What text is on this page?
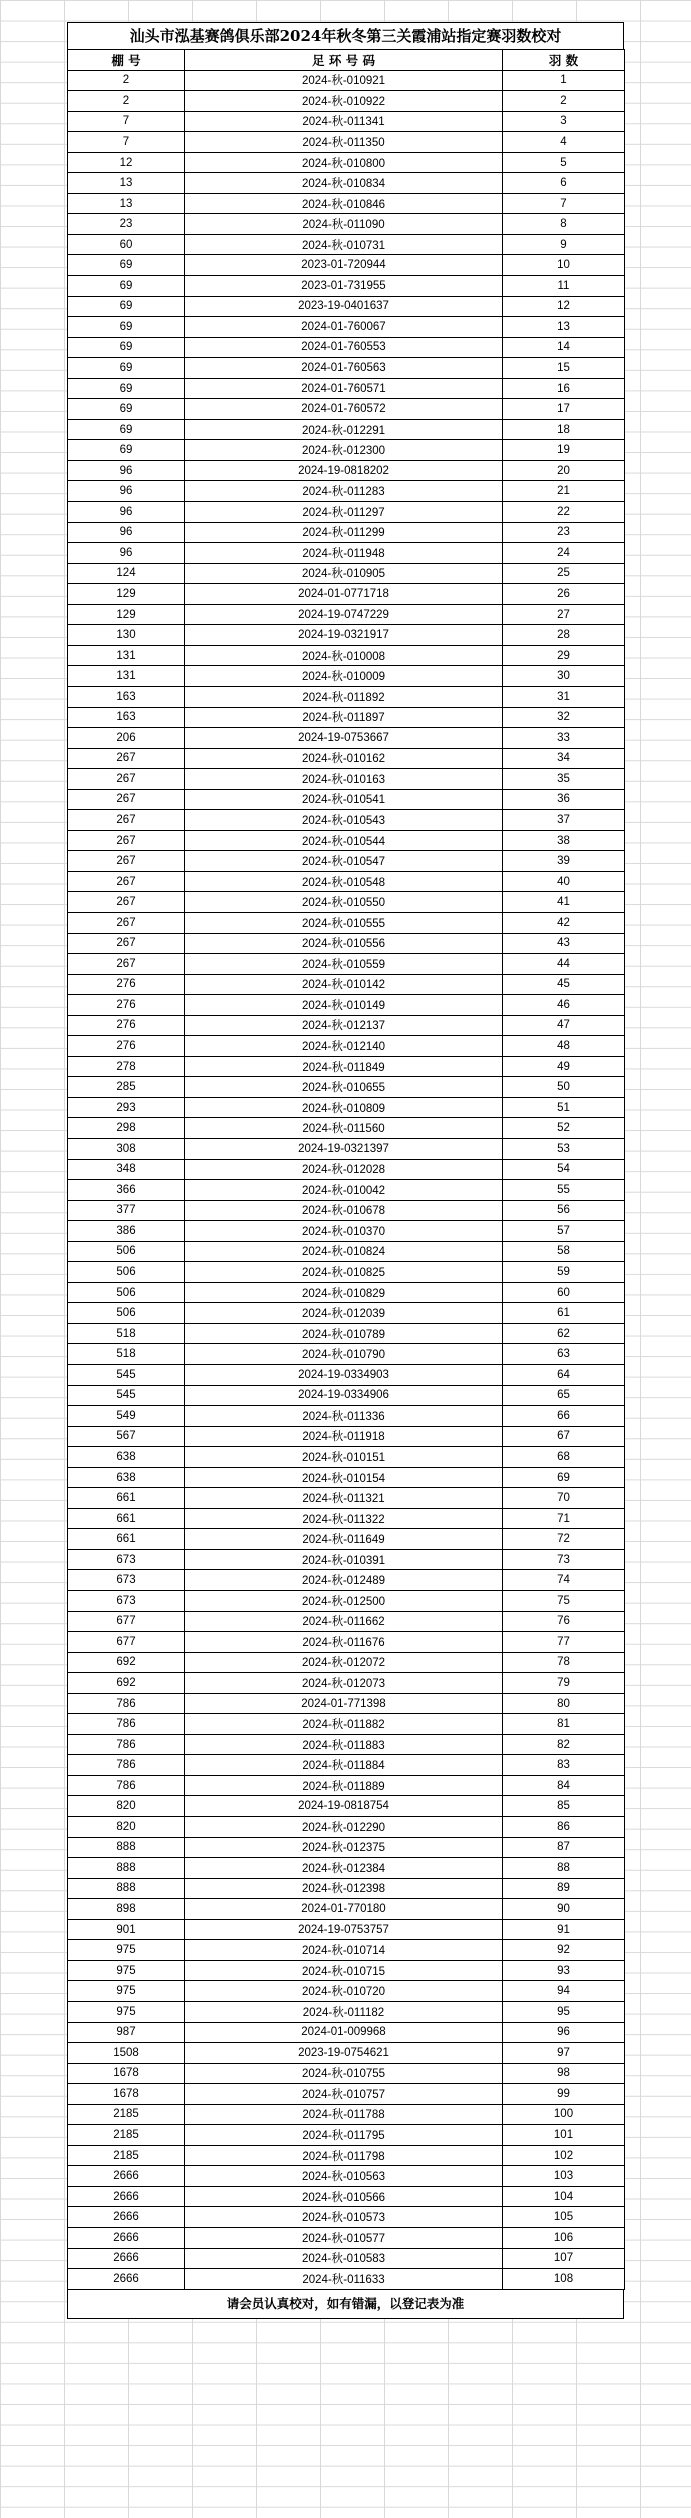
汕头市泓基赛鸽俱乐部2024年秋冬第三关霞浦站指定赛羽数校对
棚 号	足 环 号 码	羽 数
2	2024-秋-010921	1
2	2024-秋-010922	2
7	2024-秋-011341	3
7	2024-秋-011350	4
12	2024-秋-010800	5
13	2024-秋-010834	6
13	2024-秋-010846	7
23	2024-秋-011090	8
60	2024-秋-010731	9
69	2023-01-720944	10
69	2023-01-731955	11
69	2023-19-0401637	12
69	2024-01-760067	13
69	2024-01-760553	14
69	2024-01-760563	15
69	2024-01-760571	16
69	2024-01-760572	17
69	2024-秋-012291	18
69	2024-秋-012300	19
96	2024-19-0818202	20
96	2024-秋-011283	21
96	2024-秋-011297	22
96	2024-秋-011299	23
96	2024-秋-011948	24
124	2024-秋-010905	25
129	2024-01-0771718	26
129	2024-19-0747229	27
130	2024-19-0321917	28
131	2024-秋-010008	29
131	2024-秋-010009	30
163	2024-秋-011892	31
163	2024-秋-011897	32
206	2024-19-0753667	33
267	2024-秋-010162	34
267	2024-秋-010163	35
267	2024-秋-010541	36
267	2024-秋-010543	37
267	2024-秋-010544	38
267	2024-秋-010547	39
267	2024-秋-010548	40
267	2024-秋-010550	41
267	2024-秋-010555	42
267	2024-秋-010556	43
267	2024-秋-010559	44
276	2024-秋-010142	45
276	2024-秋-010149	46
276	2024-秋-012137	47
276	2024-秋-012140	48
278	2024-秋-011849	49
285	2024-秋-010655	50
293	2024-秋-010809	51
298	2024-秋-011560	52
308	2024-19-0321397	53
348	2024-秋-012028	54
366	2024-秋-010042	55
377	2024-秋-010678	56
386	2024-秋-010370	57
506	2024-秋-010824	58
506	2024-秋-010825	59
506	2024-秋-010829	60
506	2024-秋-012039	61
518	2024-秋-010789	62
518	2024-秋-010790	63
545	2024-19-0334903	64
545	2024-19-0334906	65
549	2024-秋-011336	66
567	2024-秋-011918	67
638	2024-秋-010151	68
638	2024-秋-010154	69
661	2024-秋-011321	70
661	2024-秋-011322	71
661	2024-秋-011649	72
673	2024-秋-010391	73
673	2024-秋-012489	74
673	2024-秋-012500	75
677	2024-秋-011662	76
677	2024-秋-011676	77
692	2024-秋-012072	78
692	2024-秋-012073	79
786	2024-01-771398	80
786	2024-秋-011882	81
786	2024-秋-011883	82
786	2024-秋-011884	83
786	2024-秋-011889	84
820	2024-19-0818754	85
820	2024-秋-012290	86
888	2024-秋-012375	87
888	2024-秋-012384	88
888	2024-秋-012398	89
898	2024-01-770180	90
901	2024-19-0753757	91
975	2024-秋-010714	92
975	2024-秋-010715	93
975	2024-秋-010720	94
975	2024-秋-011182	95
987	2024-01-009968	96
1508	2023-19-0754621	97
1678	2024-秋-010755	98
1678	2024-秋-010757	99
2185	2024-秋-011788	100
2185	2024-秋-011795	101
2185	2024-秋-011798	102
2666	2024-秋-010563	103
2666	2024-秋-010566	104
2666	2024-秋-010573	105
2666	2024-秋-010577	106
2666	2024-秋-010583	107
2666	2024-秋-011633	108
请会员认真校对，如有错漏，以登记表为准
